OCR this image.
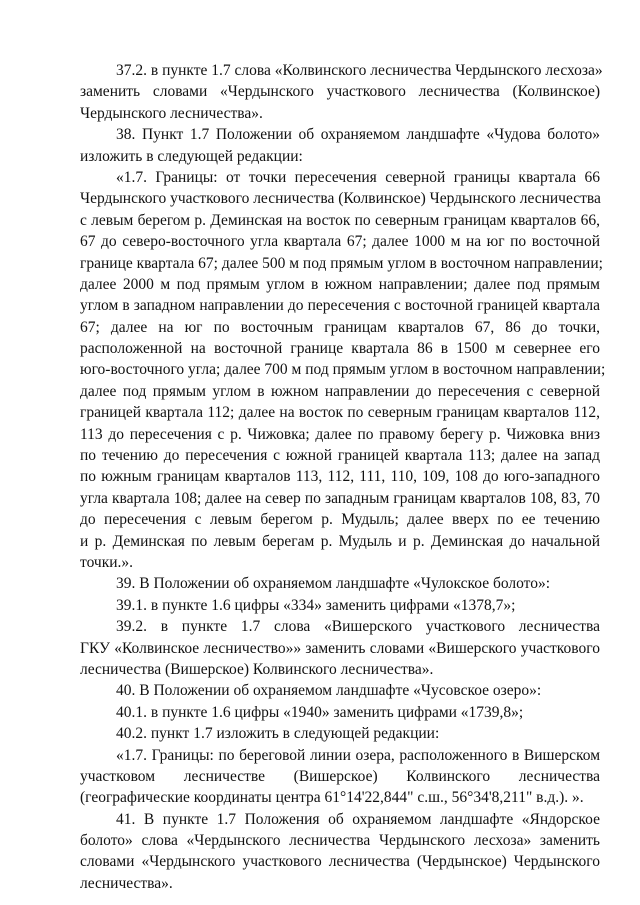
37.2. в пункте 1.7 слова «Колвинского лесничества Чердынского лесхоза»
заменить словами «Чердынского участкового лесничества (Колвинское)
Чердынского лесничества».
38. Пункт 1.7 Положении об охраняемом ландшафте «Чудова болото»
изложить в следующей редакции:
«1.7. Границы: от точки пересечения северной границы квартала 66
Чердынского участкового лесничества (Колвинское) Чердынского лесничества
с левым берегом р. Деминская на восток по северным границам кварталов 66,
67 до северо-восточного угла квартала 67; далее 1000 м на юг по восточной
границе квартала 67; далее 500 м под прямым углом в восточном направлении;
далее 2000 м под прямым углом в южном направлении; далее под прямым
углом в западном направлении до пересечения с восточной границей квартала
67; далее на юг по восточным границам кварталов 67, 86 до точки,
расположенной на восточной границе квартала 86 в 1500 м севернее его
юго-восточного угла; далее 700 м под прямым углом в восточном направлении;
далее под прямым углом в южном направлении до пересечения с северной
границей квартала 112; далее на восток по северным границам кварталов 112,
113 до пересечения с р. Чижовка; далее по правому берегу р. Чижовка вниз
по течению до пересечения с южной границей квартала 113; далее на запад
по южным границам кварталов 113, 112, 111, 110, 109, 108 до юго-западного
угла квартала 108; далее на север по западным границам кварталов 108, 83, 70
до пересечения с левым берегом р. Мудыль; далее вверх по ее течению
и р. Деминская по левым берегам р. Мудыль и р. Деминская до начальной
точки.».
39. В Положении об охраняемом ландшафте «Чулокское болото»:
39.1. в пункте 1.6 цифры «334» заменить цифрами «1378,7»;
39.2. в пункте 1.7 слова «Вишерского участкового лесничества
ГКУ «Колвинское лесничество»» заменить словами «Вишерского участкового
лесничества (Вишерское) Колвинского лесничества».
40. В Положении об охраняемом ландшафте «Чусовское озеро»:
40.1. в пункте 1.6 цифры «1940» заменить цифрами «1739,8»;
40.2. пункт 1.7 изложить в следующей редакции:
«1.7. Границы: по береговой линии озера, расположенного в Вишерском
участковом лесничестве (Вишерское) Колвинского лесничества
(географические координаты центра 61°14'22,844" с.ш., 56°34'8,211" в.д.). ».
41. В пункте 1.7 Положения об охраняемом ландшафте «Яндорское
болото» слова «Чердынского лесничества Чердынского лесхоза» заменить
словами «Чердынского участкового лесничества (Чердынское) Чердынского
лесничества».
